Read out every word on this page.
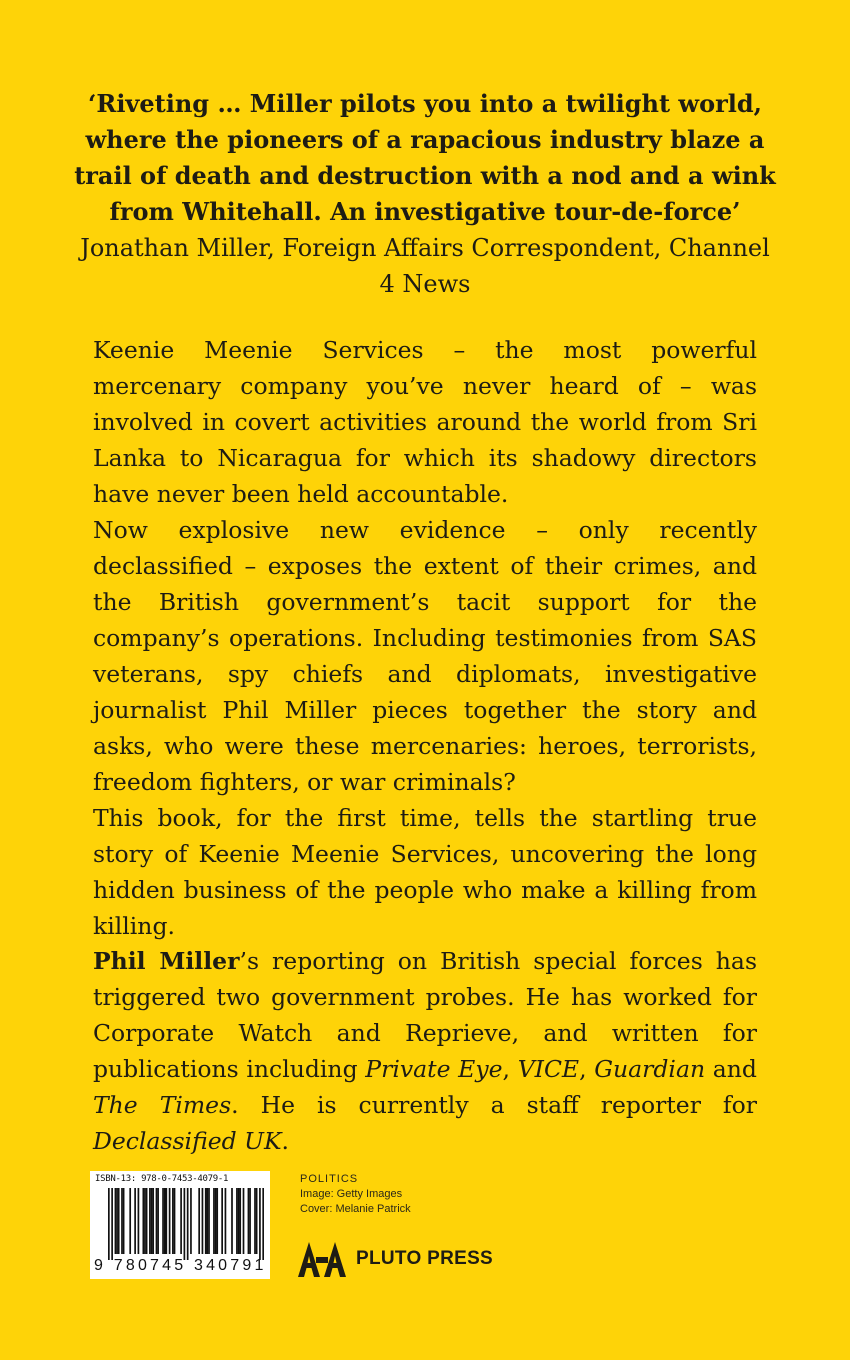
‘Riveting … Miller pilots you into a twilight world, where the pioneers of a rapacious industry blaze a trail of death and destruction with a nod and a wink from Whitehall. An investigative tour-de-force’
Jonathan Miller, Foreign Affairs Correspondent, Channel 4 News
Keenie Meenie Services – the most powerful mercenary company you’ve never heard of – was involved in covert activities around the world from Sri Lanka to Nicaragua for which its shadowy directors have never been held accountable.
Now explosive new evidence – only recently declassified – exposes the extent of their crimes, and the British government’s tacit support for the company’s operations. Including testimonies from SAS veterans, spy chiefs and diplomats, investigative journalist Phil Miller pieces together the story and asks, who were these mercenaries: heroes, terrorists, freedom fighters, or war criminals?
This book, for the first time, tells the startling true story of Keenie Meenie Services, uncovering the long hidden business of the people who make a killing from killing.
Phil Miller’s reporting on British special forces has triggered two government probes. He has worked for Corporate Watch and Reprieve, and written for publications including Private Eye, VICE, Guardian and The Times. He is currently a staff reporter for Declassified UK.
ISBN-13: 978-0-7453-4079-1
9 780745 340791
POLITICS
Image: Getty Images
Cover: Melanie Patrick
PLUTO PRESS
